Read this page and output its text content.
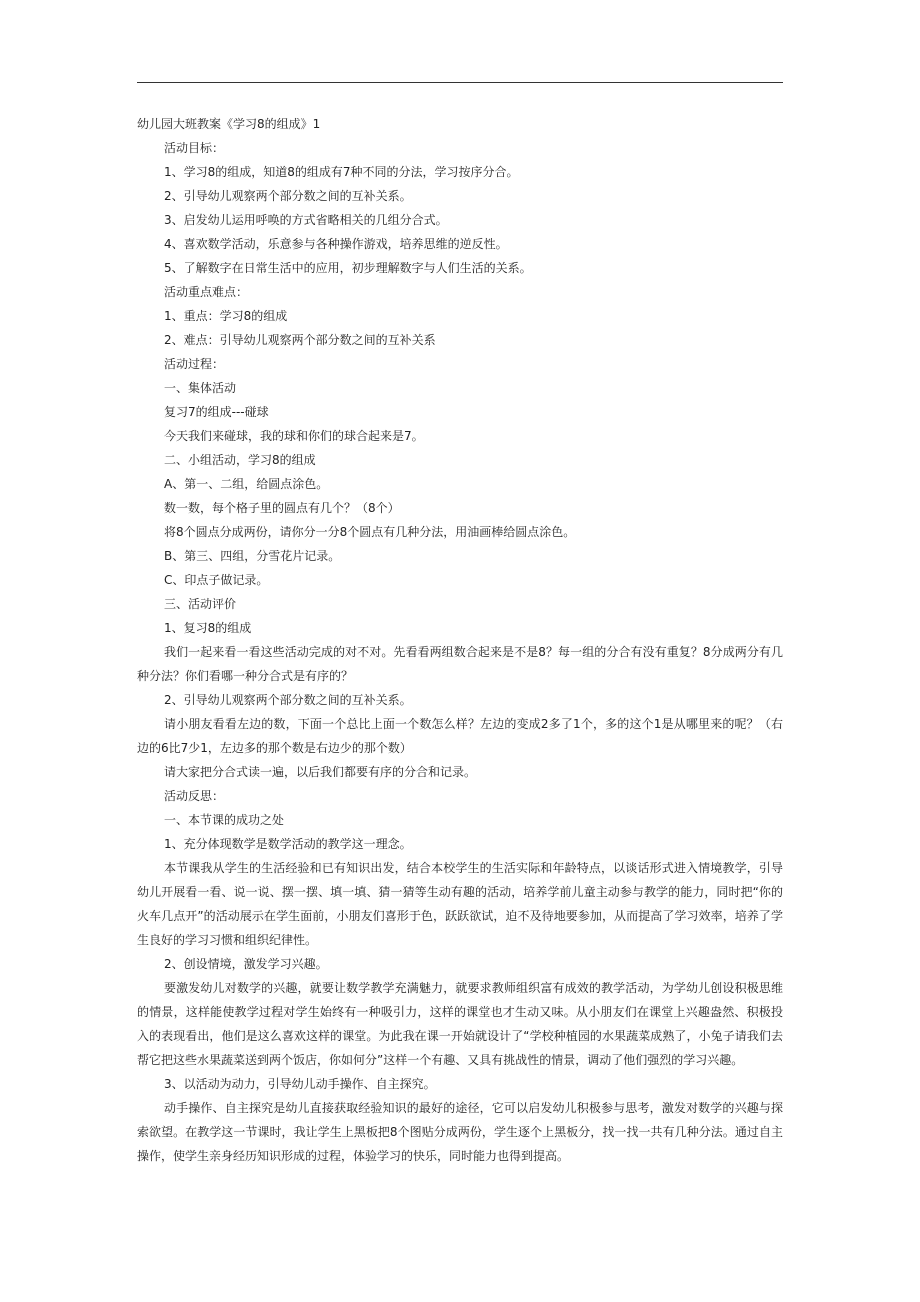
幼儿园大班教案《学习8的组成》1

活动目标：

1、学习8的组成，知道8的组成有7种不同的分法，学习按序分合。

2、引导幼儿观察两个部分数之间的互补关系。

3、启发幼儿运用呼唤的方式省略相关的几组分合式。

4、喜欢数学活动，乐意参与各种操作游戏，培养思维的逆反性。

5、了解数字在日常生活中的应用，初步理解数字与人们生活的关系。

活动重点难点：

1、重点：学习8的组成

2、难点：引导幼儿观察两个部分数之间的互补关系

活动过程：

一、集体活动

复习7的组成---碰球

今天我们来碰球，我的球和你们的球合起来是7。

二、小组活动，学习8的组成

A、第一、二组，给圆点涂色。

数一数，每个格子里的圆点有几个？（8个）

将8个圆点分成两份，请你分一分8个圆点有几种分法，用油画棒给圆点涂色。

B、第三、四组，分雪花片记录。

C、印点子做记录。

三、活动评价

1、复习8的组成

我们一起来看一看这些活动完成的对不对。先看看两组数合起来是不是8？每一组的分合有没有重复？8分成两分有几种分法？你们看哪一种分合式是有序的？

2、引导幼儿观察两个部分数之间的互补关系。

请小朋友看看左边的数，下面一个总比上面一个数怎么样？左边的变成2多了1个，多的这个1是从哪里来的呢？（右边的6比7少1，左边多的那个数是右边少的那个数）

请大家把分合式读一遍，以后我们都要有序的分合和记录。

活动反思：

一、本节课的成功之处

1、充分体现数学是数学活动的教学这一理念。

本节课我从学生的生活经验和已有知识出发，结合本校学生的生活实际和年龄特点，以谈话形式进入情境教学，引导幼儿开展看一看、说一说、摆一摆、填一填、猜一猜等生动有趣的活动，培养学前儿童主动参与教学的能力，同时把“你的火车几点开”的活动展示在学生面前，小朋友们喜形于色，跃跃欲试，迫不及待地要参加，从而提高了学习效率，培养了学生良好的学习习惯和组织纪律性。

2、创设情境，激发学习兴趣。

要激发幼儿对数学的兴趣，就要让数学教学充满魅力，就要求教师组织富有成效的教学活动，为学幼儿创设积极思维的情景，这样能使教学过程对学生始终有一种吸引力，这样的课堂也才生动又味。从小朋友们在课堂上兴趣盎然、积极投入的表现看出，他们是这么喜欢这样的课堂。为此我在课一开始就设计了“学校种植园的水果蔬菜成熟了，小兔子请我们去帮它把这些水果蔬菜送到两个饭店，你如何分”这样一个有趣、又具有挑战性的情景，调动了他们强烈的学习兴趣。

3、以活动为动力，引导幼儿动手操作、自主探究。

动手操作、自主探究是幼儿直接获取经验知识的最好的途径，它可以启发幼儿积极参与思考，激发对数学的兴趣与探索欲望。在教学这一节课时，我让学生上黑板把8个图贴分成两份，学生逐个上黑板分，找一找一共有几种分法。通过自主操作，使学生亲身经历知识形成的过程，体验学习的快乐，同时能力也得到提高。
